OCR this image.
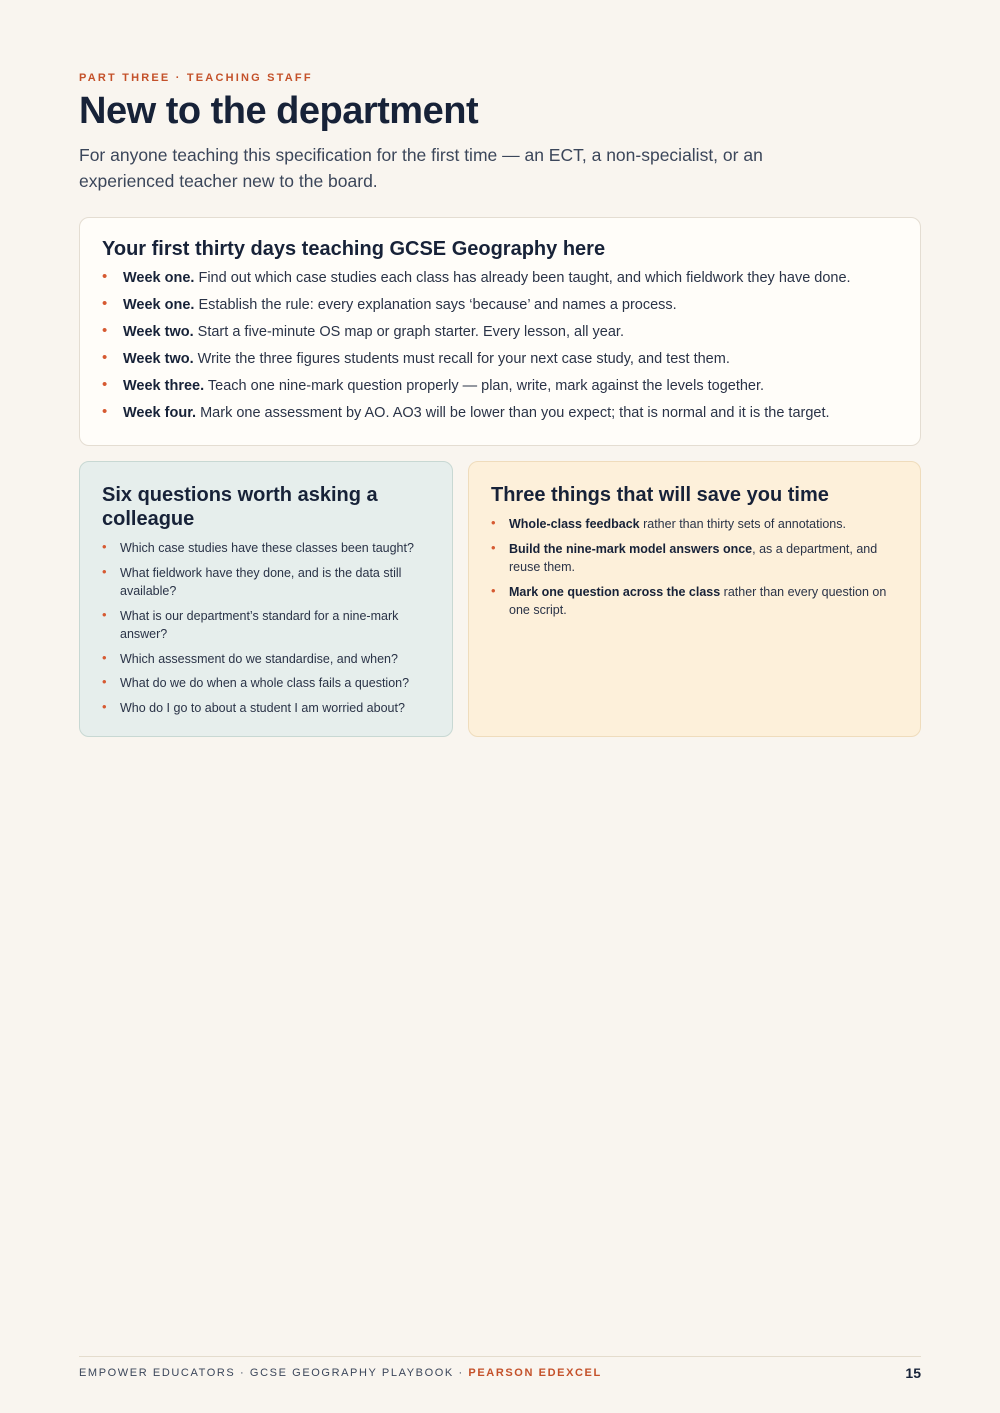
PART THREE · TEACHING STAFF
New to the department

For anyone teaching this specification for the first time — an ECT, a non-specialist, or an experienced teacher new to the board.

Your first thirty days teaching GCSE Geography here
• Week one. Find out which case studies each class has already been taught, and which fieldwork they have done.
• Week one. Establish the rule: every explanation says ‘because’ and names a process.
• Week two. Start a five-minute OS map or graph starter. Every lesson, all year.
• Week two. Write the three figures students must recall for your next case study, and test them.
• Week three. Teach one nine-mark question properly — plan, write, mark against the levels together.
• Week four. Mark one assessment by AO. AO3 will be lower than you expect; that is normal and it is the target.
Six questions worth asking a colleague
• Which case studies have these classes been taught?
• What fieldwork have they done, and is the data still available?
• What is our department’s standard for a nine-mark answer?
• Which assessment do we standardise, and when?
• What do we do when a whole class fails a question?
• Who do I go to about a student I am worried about?
Three things that will save you time
• Whole-class feedback rather than thirty sets of annotations.
• Build the nine-mark model answers once, as a department, and reuse them.
• Mark one question across the class rather than every question on one script.
EMPOWER EDUCATORS · GCSE GEOGRAPHY PLAYBOOK · PEARSON EDEXCEL	15
